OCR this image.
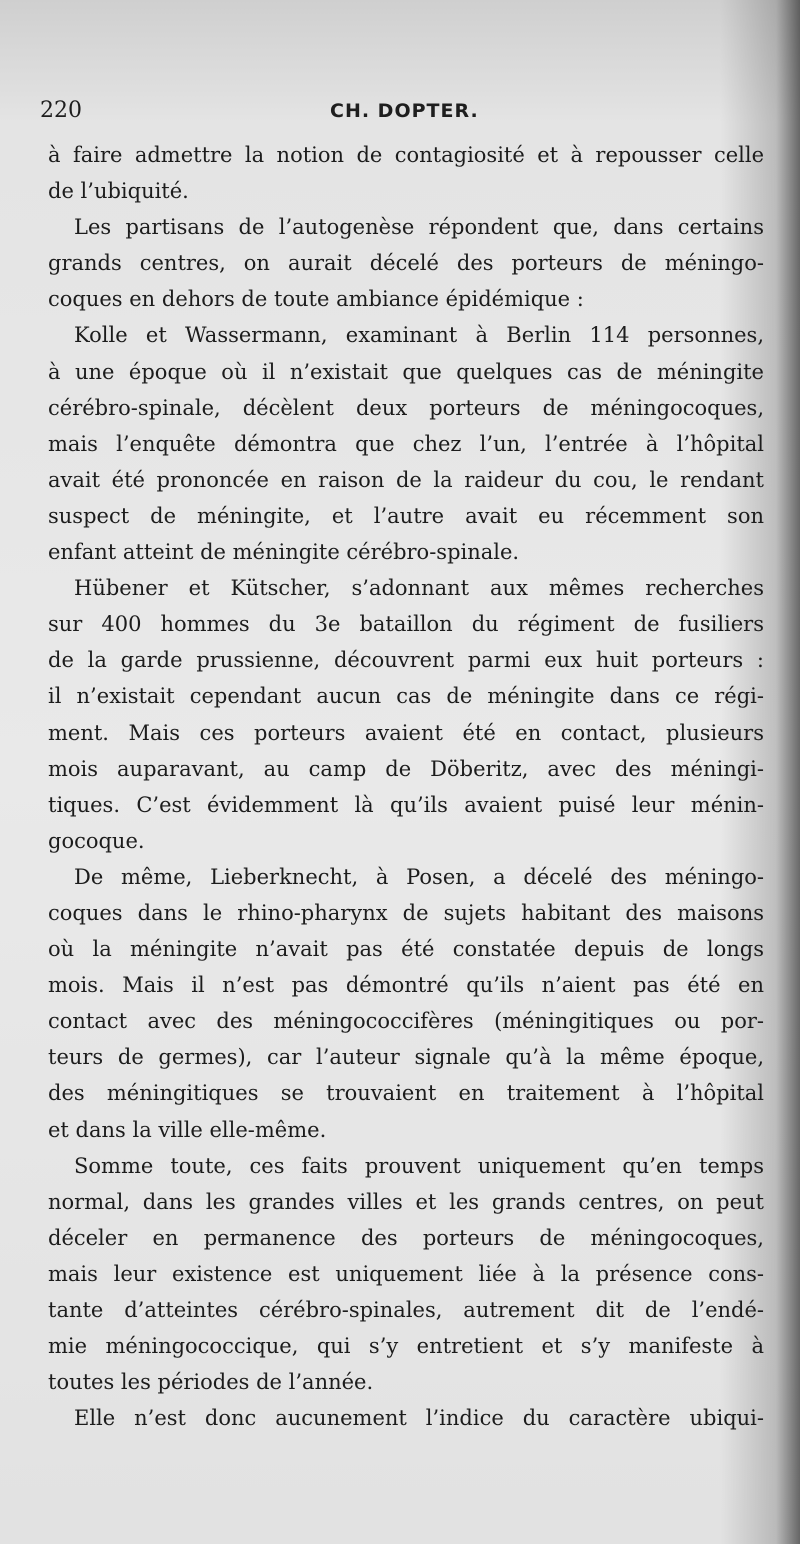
220	CH. DOPTER.
à faire admettre la notion de contagiosité et à repousser celle
de l’ubiquité.
Les partisans de l’autogenèse répondent que, dans certains
grands centres, on aurait décelé des porteurs de méningo-
coques en dehors de toute ambiance épidémique :
Kolle et Wassermann, examinant à Berlin 114 personnes,
à une époque où il n’existait que quelques cas de méningite
cérébro-spinale, décèlent deux porteurs de méningocoques,
mais l’enquête démontra que chez l’un, l’entrée à l’hôpital
avait été prononcée en raison de la raideur du cou, le rendant
suspect de méningite, et l’autre avait eu récemment son
enfant atteint de méningite cérébro-spinale.
Hübener et Kütscher, s’adonnant aux mêmes recherches
sur 400 hommes du 3e bataillon du régiment de fusiliers
de la garde prussienne, découvrent parmi eux huit porteurs :
il n’existait cependant aucun cas de méningite dans ce régi-
ment. Mais ces porteurs avaient été en contact, plusieurs
mois auparavant, au camp de Döberitz, avec des méningi-
tiques. C’est évidemment là qu’ils avaient puisé leur ménin-
gocoque.
De même, Lieberknecht, à Posen, a décelé des méningo-
coques dans le rhino-pharynx de sujets habitant des maisons
où la méningite n’avait pas été constatée depuis de longs
mois. Mais il n’est pas démontré qu’ils n’aient pas été en
contact avec des méningococcifères (méningitiques ou por-
teurs de germes), car l’auteur signale qu’à la même époque,
des méningitiques se trouvaient en traitement à l’hôpital
et dans la ville elle-même.
Somme toute, ces faits prouvent uniquement qu’en temps
normal, dans les grandes villes et les grands centres, on peut
déceler en permanence des porteurs de méningocoques,
mais leur existence est uniquement liée à la présence cons-
tante d’atteintes cérébro-spinales, autrement dit de l’endé-
mie méningococcique, qui s’y entretient et s’y manifeste à
toutes les périodes de l’année.
Elle n’est donc aucunement l’indice du caractère ubiqui-
